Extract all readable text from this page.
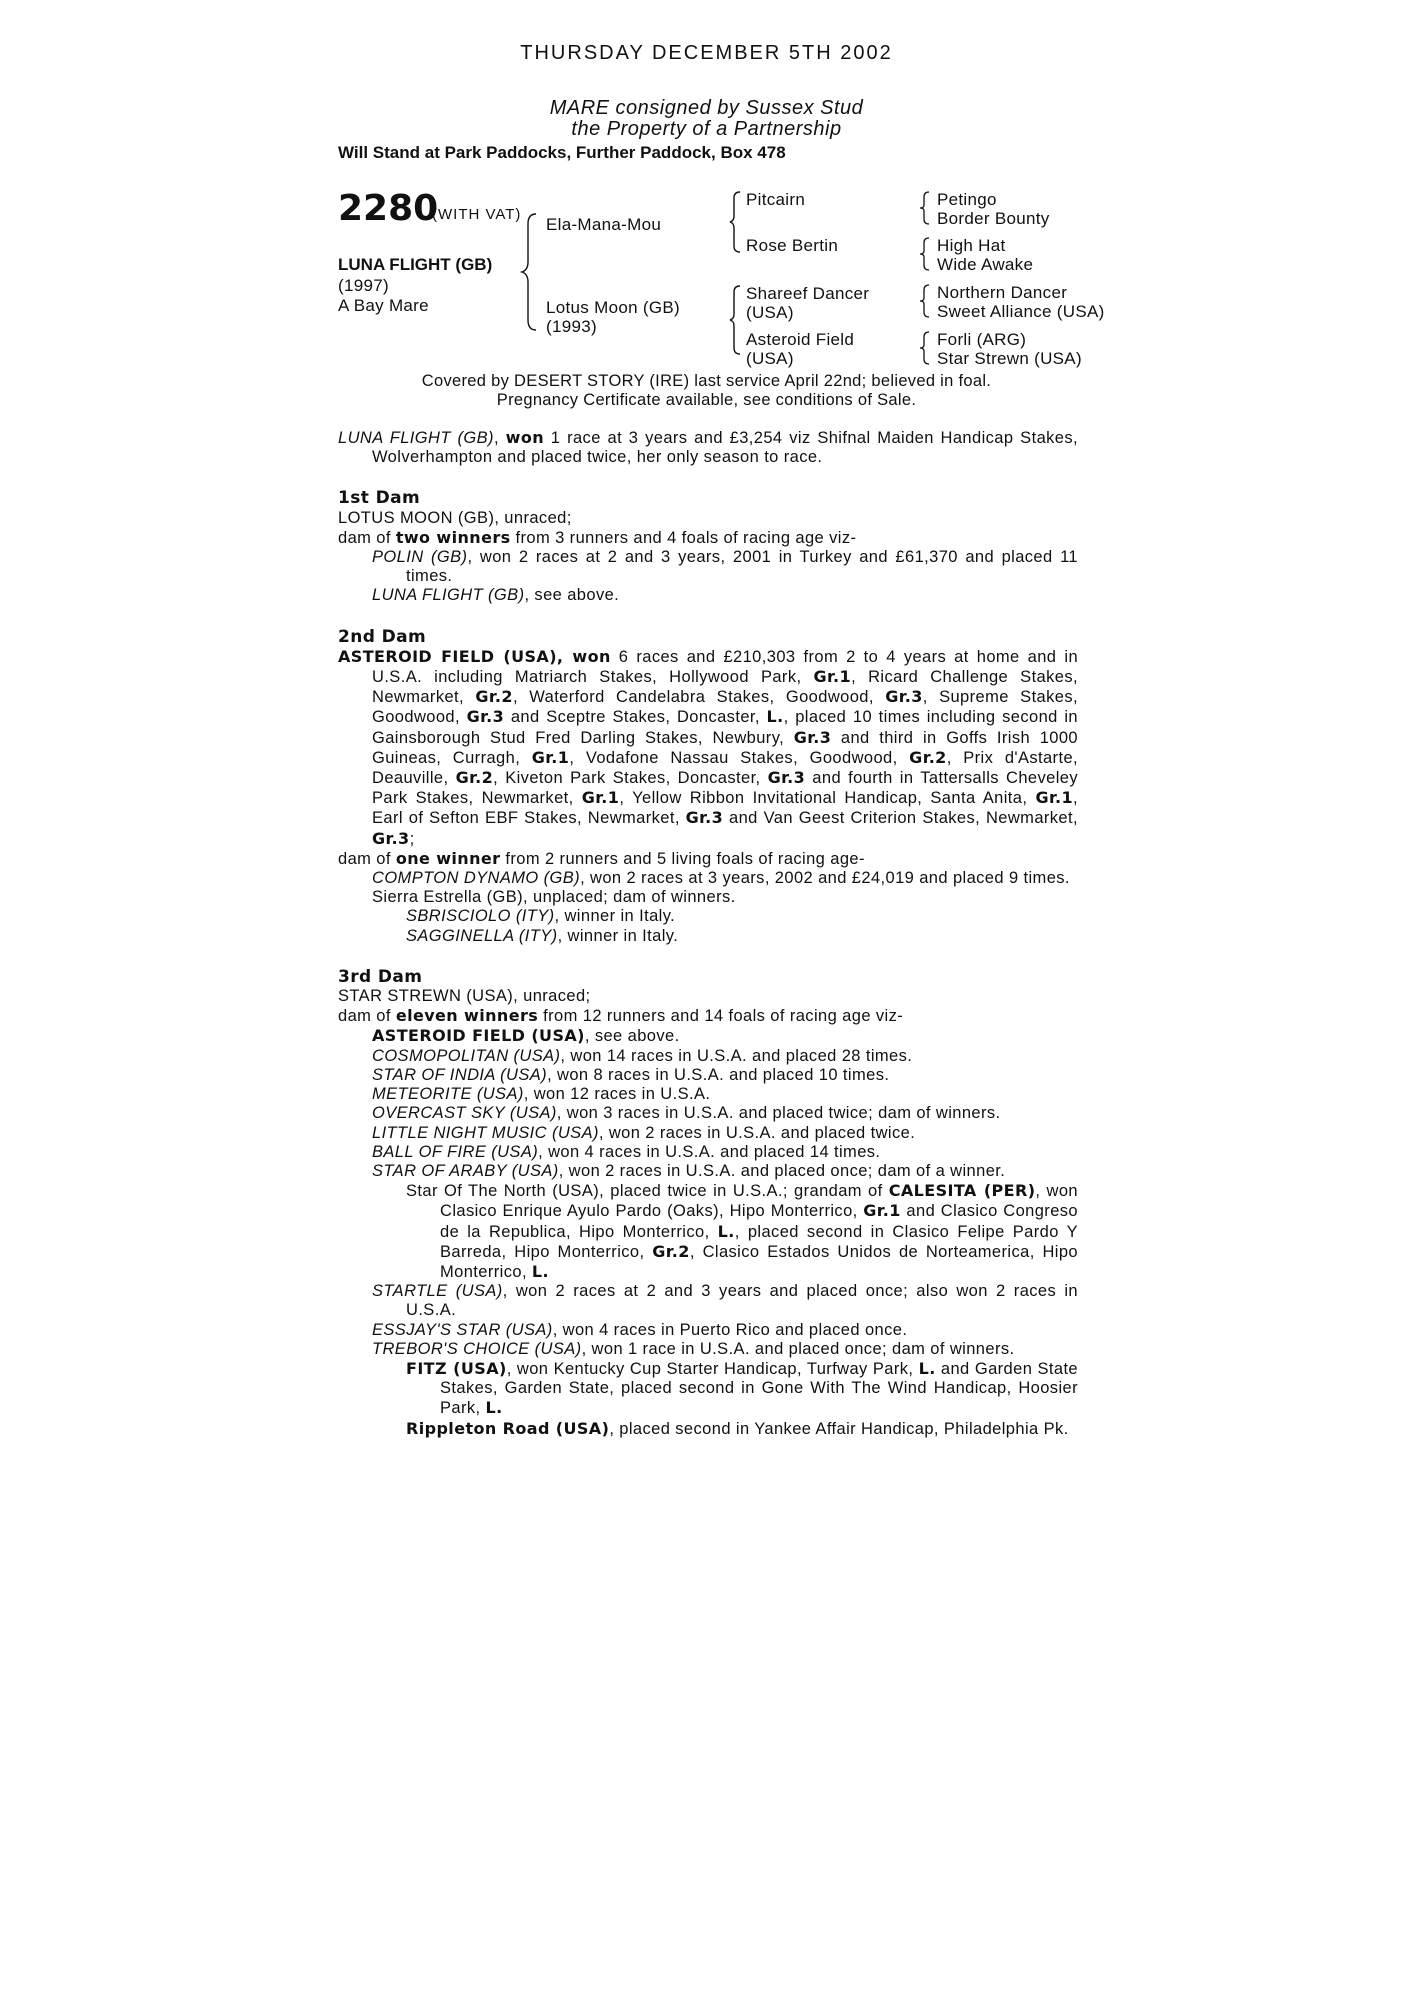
THURSDAY DECEMBER 5TH 2002
MARE consigned by Sussex Stud
the Property of a Partnership
Will Stand at Park Paddocks, Further Paddock, Box 478
2280
(WITH VAT)
LUNA FLIGHT (GB)
(1997)
A Bay Mare
Ela-Mana-Mou
Lotus Moon (GB)
(1993)
Pitcairn
Rose Bertin
Shareef Dancer
(USA)
Asteroid Field
(USA)
Petingo
Border Bounty
High Hat
Wide Awake
Northern Dancer
Sweet Alliance (USA)
Forli (ARG)
Star Strewn (USA)
Covered by DESERT STORY (IRE) last service April 22nd; believed in foal.
Pregnancy Certificate available, see conditions of Sale.

LUNA FLIGHT (GB), won 1 race at 3 years and £3,254 viz Shifnal Maiden Handicap Stakes, Wolverhampton and placed twice, her only season to race.

1st Dam

LOTUS MOON (GB), unraced;

dam of two winners from 3 runners and 4 foals of racing age viz-

POLIN (GB), won 2 races at 2 and 3 years, 2001 in Turkey and £61,370 and placed 11 times.

LUNA FLIGHT (GB), see above.

2nd Dam

ASTEROID FIELD (USA), won 6 races and £210,303 from 2 to 4 years at home and in U.S.A. including Matriarch Stakes, Hollywood Park, Gr.1, Ricard Challenge Stakes, Newmarket, Gr.2, Waterford Candelabra Stakes, Goodwood, Gr.3, Supreme Stakes, Goodwood, Gr.3 and Sceptre Stakes, Doncaster, L., placed 10 times including second in Gainsborough Stud Fred Darling Stakes, Newbury, Gr.3 and third in Goffs Irish 1000 Guineas, Curragh, Gr.1, Vodafone Nassau Stakes, Goodwood, Gr.2, Prix d'Astarte, Deauville, Gr.2, Kiveton Park Stakes, Doncaster, Gr.3 and fourth in Tattersalls Cheveley Park Stakes, Newmarket, Gr.1, Yellow Ribbon Invitational Handicap, Santa Anita, Gr.1, Earl of Sefton EBF Stakes, Newmarket, Gr.3 and Van Geest Criterion Stakes, Newmarket, Gr.3;

dam of one winner from 2 runners and 5 living foals of racing age-

COMPTON DYNAMO (GB), won 2 races at 3 years, 2002 and £24,019 and placed 9 times.

Sierra Estrella (GB), unplaced; dam of winners.

SBRISCIOLO (ITY), winner in Italy.

SAGGINELLA (ITY), winner in Italy.

3rd Dam

STAR STREWN (USA), unraced;

dam of eleven winners from 12 runners and 14 foals of racing age viz-

ASTEROID FIELD (USA), see above.

COSMOPOLITAN (USA), won 14 races in U.S.A. and placed 28 times.

STAR OF INDIA (USA), won 8 races in U.S.A. and placed 10 times.

METEORITE (USA), won 12 races in U.S.A.

OVERCAST SKY (USA), won 3 races in U.S.A. and placed twice; dam of winners.

LITTLE NIGHT MUSIC (USA), won 2 races in U.S.A. and placed twice.

BALL OF FIRE (USA), won 4 races in U.S.A. and placed 14 times.

STAR OF ARABY (USA), won 2 races in U.S.A. and placed once; dam of a winner.

Star Of The North (USA), placed twice in U.S.A.; grandam of CALESITA (PER), won Clasico Enrique Ayulo Pardo (Oaks), Hipo Monterrico, Gr.1 and Clasico Congreso de la Republica, Hipo Monterrico, L., placed second in Clasico Felipe Pardo Y Barreda, Hipo Monterrico, Gr.2, Clasico Estados Unidos de Norteamerica, Hipo Monterrico, L.

STARTLE (USA), won 2 races at 2 and 3 years and placed once; also won 2 races in U.S.A.

ESSJAY'S STAR (USA), won 4 races in Puerto Rico and placed once.

TREBOR'S CHOICE (USA), won 1 race in U.S.A. and placed once; dam of winners.

FITZ (USA), won Kentucky Cup Starter Handicap, Turfway Park, L. and Garden State Stakes, Garden State, placed second in Gone With The Wind Handicap, Hoosier Park, L.

Rippleton Road (USA), placed second in Yankee Affair Handicap, Philadelphia Pk.
